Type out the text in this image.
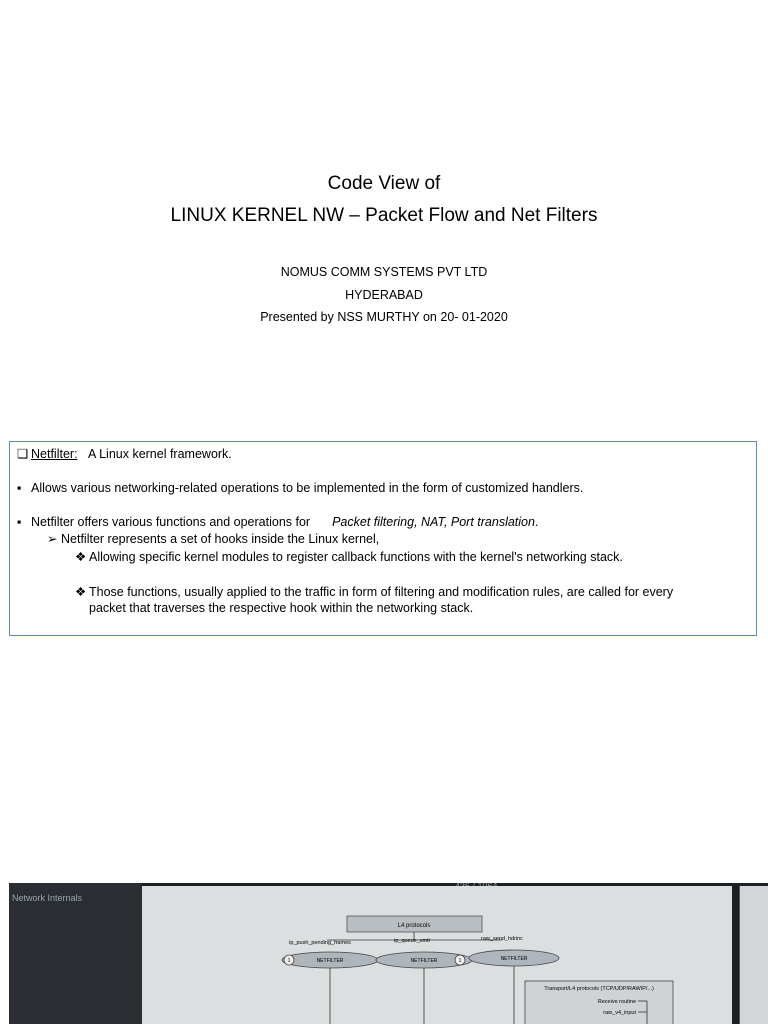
Code View of
LINUX KERNEL NW – Packet Flow and Net Filters
NOMUS COMM SYSTEMS PVT LTD
HYDERABAD
Presented by NSS MURTHY on 20- 01-2020
❑ Netfilter: A Linux kernel framework.
▪ Allows various networking-related operations to be implemented in the form of customized handlers.
▪ Netfilter offers various functions and operations for Packet filtering, NAT, Port translation.
➢ Netfilter represents a set of hooks inside the Linux kernel,
❖ Allowing specific kernel modules to register callback functions with the kernel's networking stack.
❖ Those functions, usually applied to the traffic in form of filtering and modification rules, are called for every
packet that traverses the respective hook within the networking stack.
Network Internals
L4 protocols
ip_push_pending_frames	ip_queue_xmit	raw_send_hdrinc
NETFILTER	NETFILTER	NETFILTER
1	1
Transport/L4 protocols (TCP/UDP/RAWIP/...)
Receive routine
raw_v4_input
